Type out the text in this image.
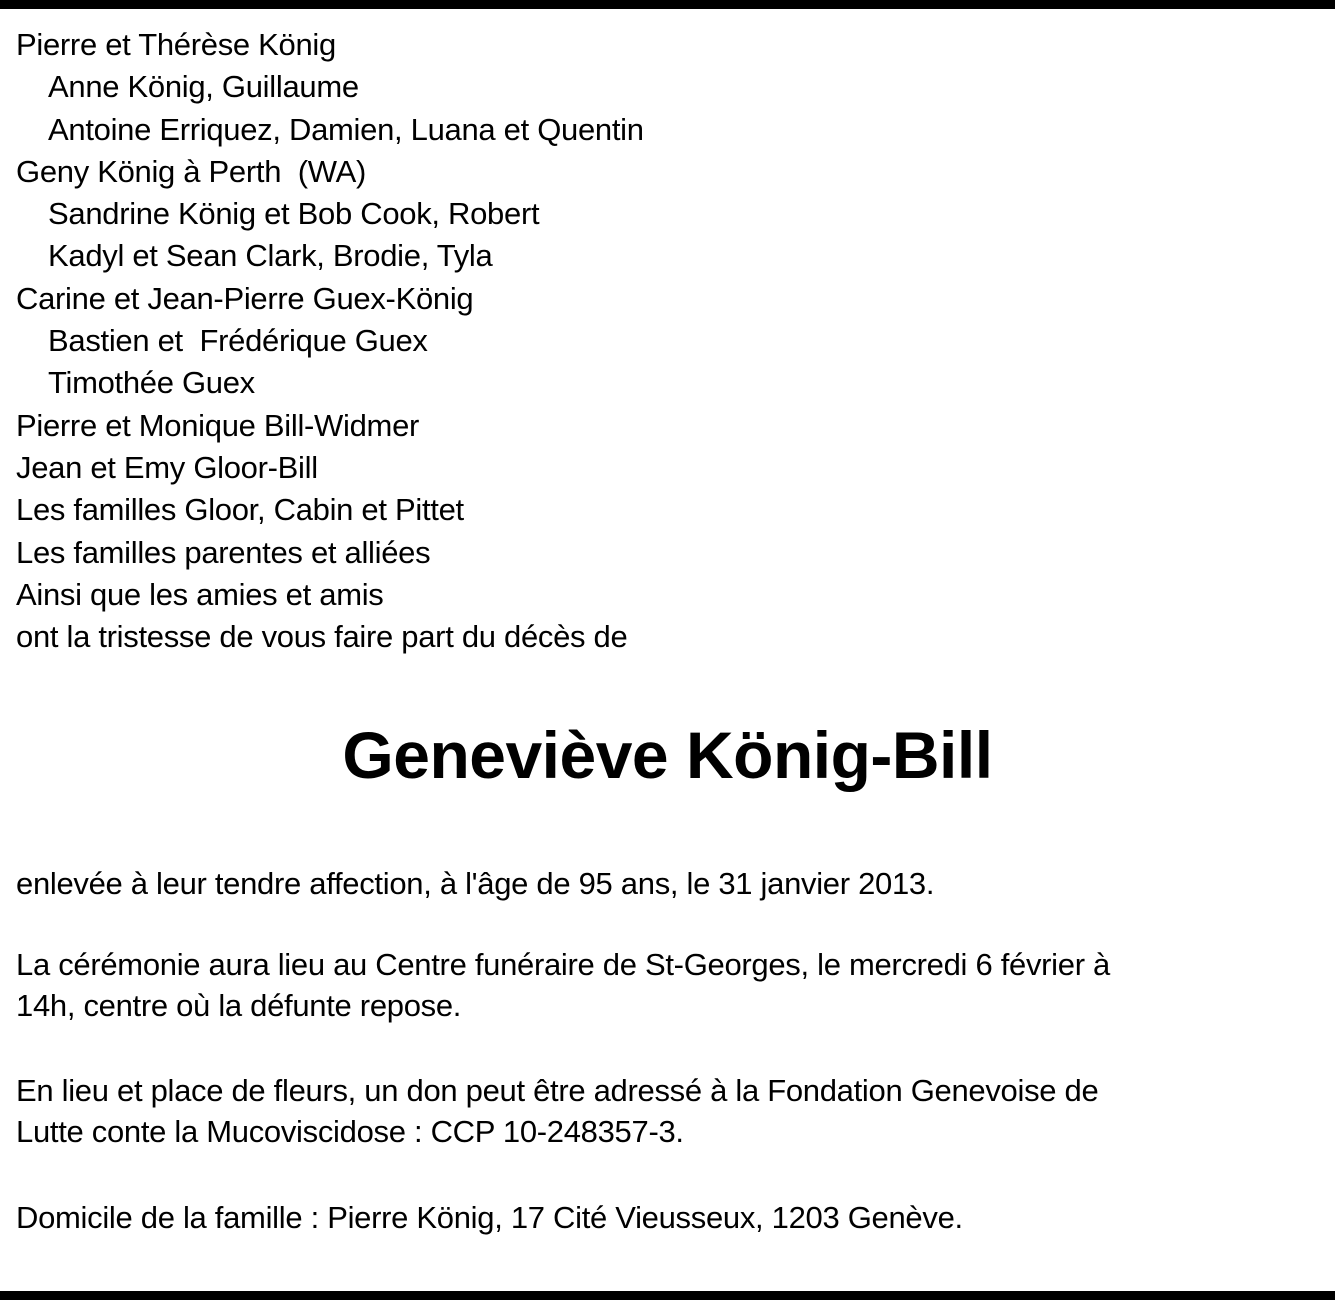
Pierre et Thérèse König
Anne König, Guillaume
Antoine Erriquez, Damien, Luana et Quentin
Geny König à Perth  (WA)
Sandrine König et Bob Cook, Robert
Kadyl et Sean Clark, Brodie, Tyla
Carine et Jean-Pierre Guex-König
Bastien et  Frédérique Guex
Timothée Guex
Pierre et Monique Bill-Widmer
Jean et Emy Gloor-Bill
Les familles Gloor, Cabin et Pittet
Les familles parentes et alliées
Ainsi que les amies et amis
ont la tristesse de vous faire part du décès de
Geneviève König-Bill

enlevée à leur tendre affection, à l'âge de 95 ans, le 31 janvier 2013.

La cérémonie aura lieu au Centre funéraire de St-Georges, le mercredi 6 février à
14h, centre où la défunte repose.

En lieu et place de fleurs, un don peut être adressé à la Fondation Genevoise de
Lutte conte la Mucoviscidose : CCP 10-248357-3.

Domicile de la famille : Pierre König, 17 Cité Vieusseux, 1203 Genève.
